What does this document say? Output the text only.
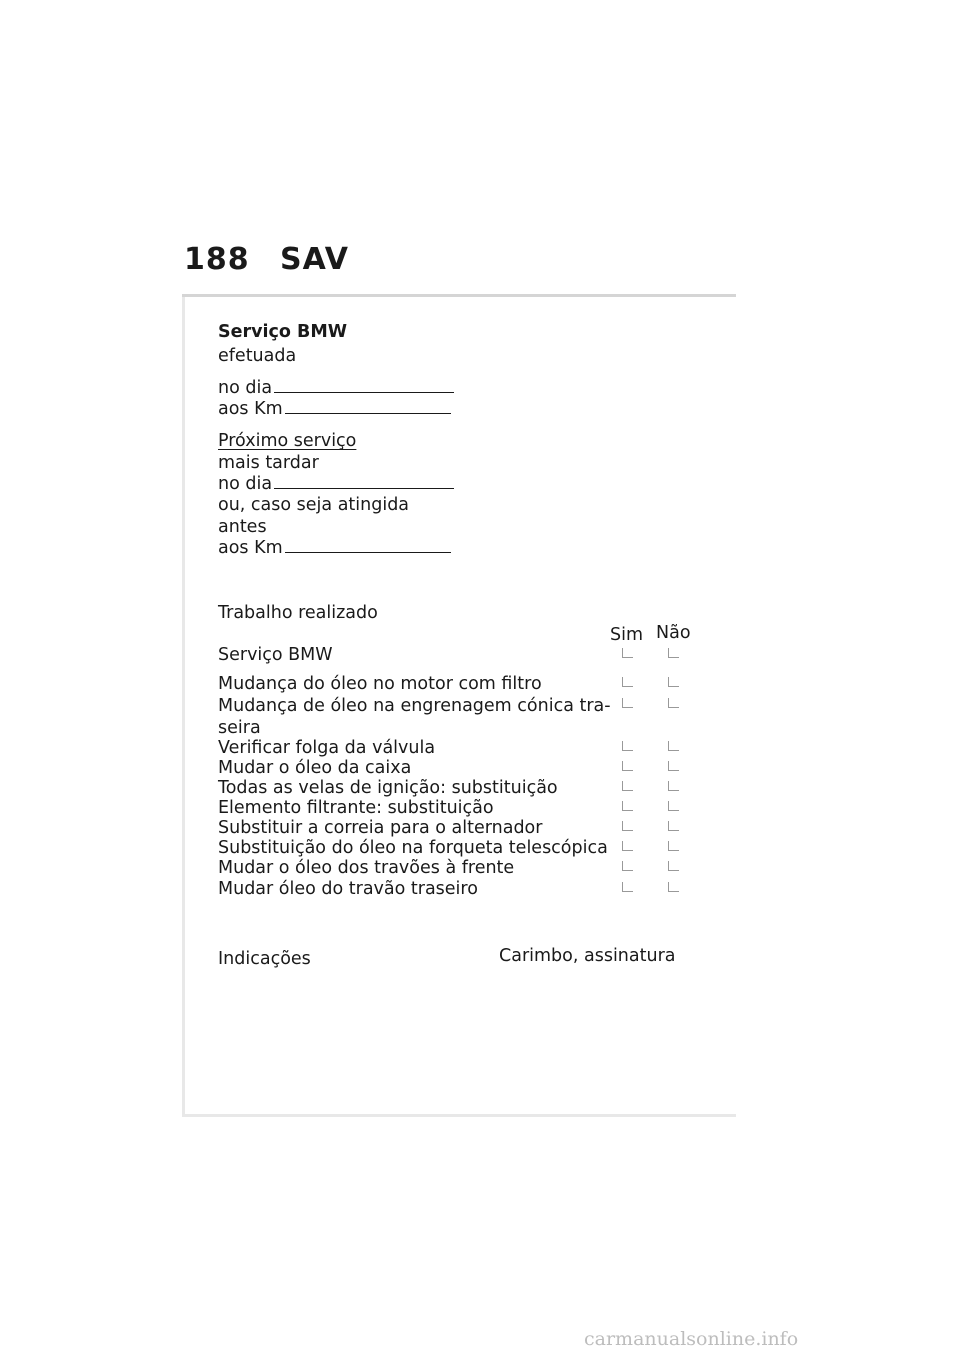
188 SAV
Serviço BMW
efetuada
no dia
aos Km
Próximo serviço
mais tardar
no dia
ou, caso seja atingida
antes
aos Km
Trabalho realizado
Sim Não
Serviço BMW
Mudança do óleo no motor com filtro
Mudança de óleo na engrenagem cónica tra-
seira
Verificar folga da válvula
Mudar o óleo da caixa
Todas as velas de ignição: substituição
Elemento filtrante: substituição
Substituir a correia para o alternador
Substituição do óleo na forqueta telescópica
Mudar o óleo dos travões à frente
Mudar óleo do travão traseiro
Indicações	Carimbo, assinatura
carmanualsonline.info
